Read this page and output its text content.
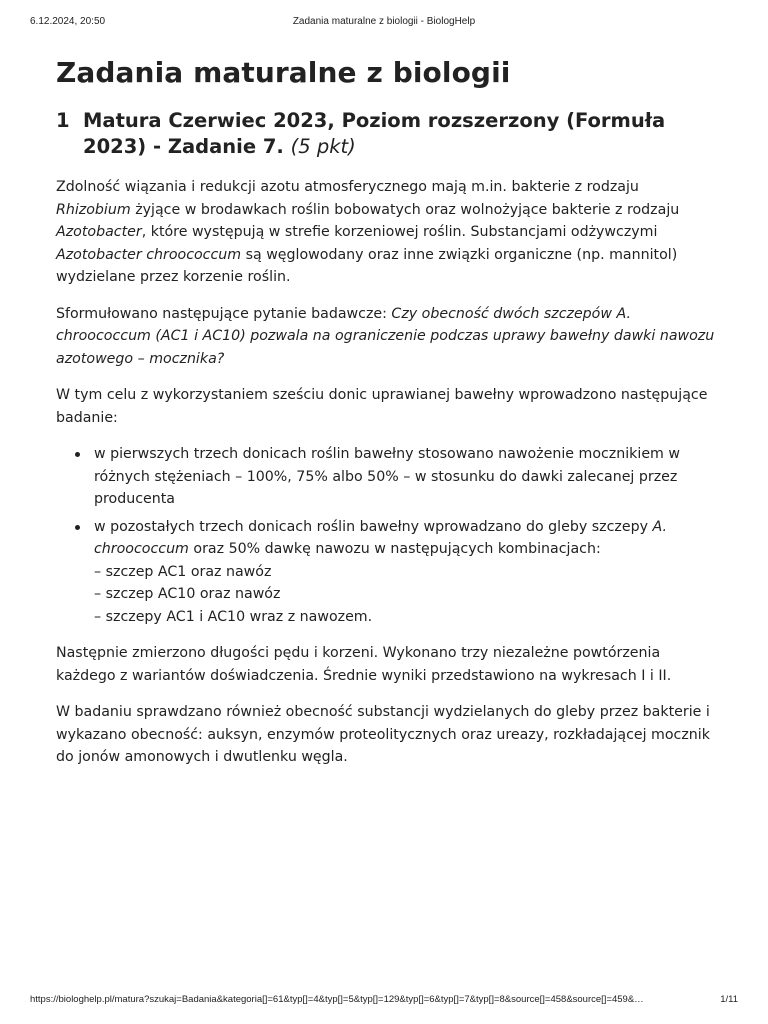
6.12.2024, 20:50	Zadania maturalne z biologii - BiologHelp
Zadania maturalne z biologii
1 Matura Czerwiec 2023, Poziom rozszerzony (Formuła 2023) - Zadanie 7. (5 pkt)

Zdolność wiązania i redukcji azotu atmosferycznego mają m.in. bakterie z rodzaju Rhizobium żyjące w brodawkach roślin bobowatych oraz wolnożyjące bakterie z rodzaju Azotobacter, które występują w strefie korzeniowej roślin. Substancjami odżywczymi Azotobacter chroococcum są węglowodany oraz inne związki organiczne (np. mannitol) wydzielane przez korzenie roślin.

Sformułowano następujące pytanie badawcze: Czy obecność dwóch szczepów A. chroococcum (AC1 i AC10) pozwala na ograniczenie podczas uprawy bawełny dawki nawozu azotowego – mocznika?

W tym celu z wykorzystaniem sześciu donic uprawianej bawełny wprowadzono następujące badanie:

w pierwszych trzech donicach roślin bawełny stosowano nawożenie mocznikiem w różnych stężeniach – 100%, 75% albo 50% – w stosunku do dawki zalecanej przez producenta
w pozostałych trzech donicach roślin bawełny wprowadzano do gleby szczepy A. chroococcum oraz 50% dawkę nawozu w następujących kombinacjach:
– szczep AC1 oraz nawóz
– szczep AC10 oraz nawóz
– szczepy AC1 i AC10 wraz z nawozem.

Następnie zmierzono długości pędu i korzeni. Wykonano trzy niezależne powtórzenia każdego z wariantów doświadczenia. Średnie wyniki przedstawiono na wykresach I i II.

W badaniu sprawdzano również obecność substancji wydzielanych do gleby przez bakterie i wykazano obecność: auksyn, enzymów proteolitycznych oraz ureazy, rozkładającej mocznik do jonów amonowych i dwutlenku węgla.

https://biologhelp.pl/matura?szukaj=Badania&kategoria[]=61&typ[]=4&typ[]=5&typ[]=129&typ[]=6&typ[]=7&typ[]=8&source[]=458&source[]=459&…	1/11
